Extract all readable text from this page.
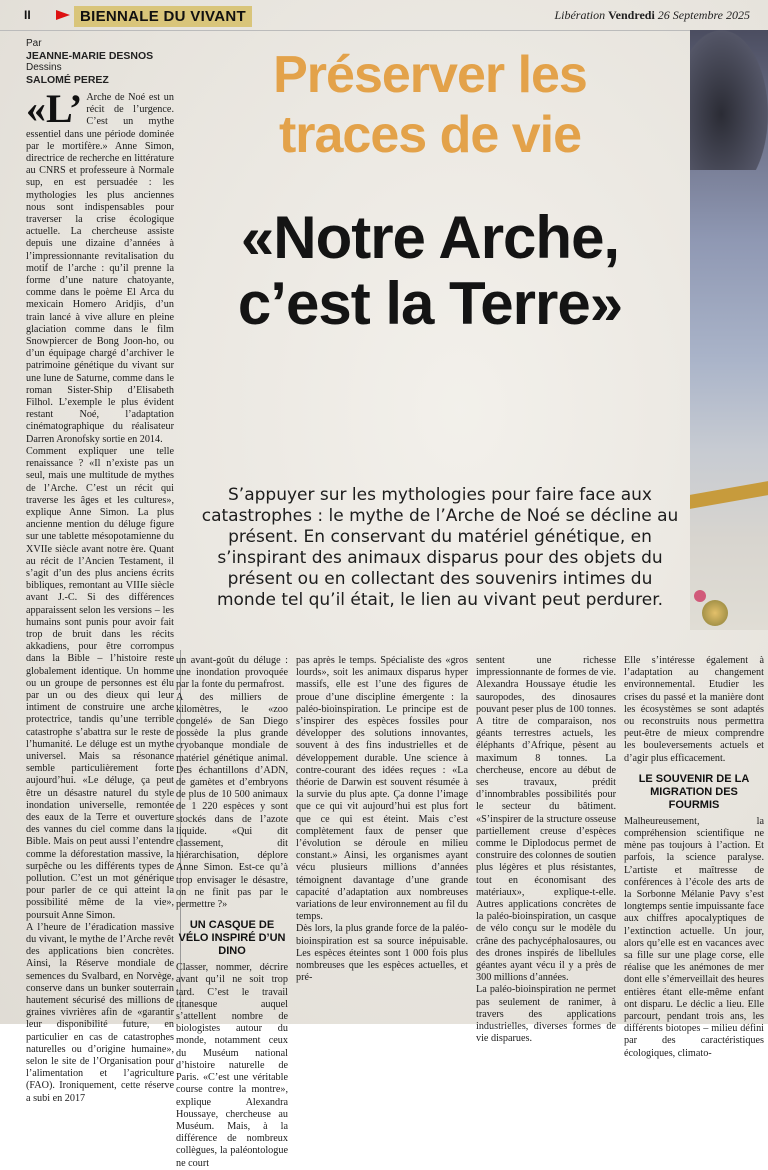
II	BIENNALE DU VIVANT	Libération Vendredi 26 Septembre 2025
Par
JEANNE-MARIE DESNOS
Dessins
SALOMÉ PEREZ	Préserver les traces de vie
«Notre Arche, c’est la Terre»
S’appuyer sur les mythologies pour faire face aux catastrophes : le mythe de l’Arche de Noé se décline au présent. En conservant du matériel génétique, en s’inspirant des animaux disparus pour des objets du présent ou en collectant des souvenirs intimes du monde tel qu’il était, le lien au vivant peut perdurer.
«L’ Arche de Noé est un récit de l’urgence. C’est un mythe essentiel dans une période dominée par le mortifère.» Anne Simon, directrice de recherche en littérature au CNRS et professeure à Normale sup, en est persuadée : les mythologies les plus anciennes nous sont indispensables pour traverser la crise écologique actuelle. La chercheuse assiste depuis une dizaine d’années à l’impressionnante revitalisation du motif de l’arche : qu’il prenne la forme d’une nature chatoyante, comme dans le poème El Arca du mexicain Homero Aridjis, d’un train lancé à vive allure en pleine glaciation comme dans le film Snowpiercer de Bong Joon-ho, ou d’un équipage chargé d’archiver le patrimoine génétique du vivant sur une lune de Saturne, comme dans le roman Sister-Ship d’Elisabeth Filhol. L’exemple le plus évident restant Noé, l’adaptation cinématographique du réalisateur Darren Aronofsky sortie en 2014.

Comment expliquer une telle renaissance ? «Il n’existe pas un seul, mais une multitude de mythes de l’Arche. C’est un récit qui traverse les âges et les cultures», explique Anne Simon. La plus ancienne mention du déluge figure sur une tablette mésopotamienne du XVIIe siècle avant notre ère. Quant au récit de l’Ancien Testament, il s’agit d’un des plus anciens écrits bibliques, remontant au VIIIe siècle avant J.-C. Si des différences apparaissent selon les versions – les humains sont punis pour avoir fait trop de bruit dans les récits akkadiens, pour être corrompus dans la Bible – l’histoire reste globalement identique. Un homme ou un groupe de personnes est élu par un ou des dieux qui leur intiment de construire une arche protectrice, tandis qu’une terrible catastrophe s’abattra sur le reste de l’humanité. Le déluge est un mythe universel. Mais sa résonance semble particulièrement forte aujourd’hui. «Le déluge, ça peut être un désastre naturel du style inondation universelle, remontée des eaux de la Terre et ouverture des vannes du ciel comme dans la Bible. Mais on peut aussi l’entendre comme la déforestation massive, la surpêche ou les différents types de pollution. C’est un mot générique pour parler de ce qui atteint la possibilité même de la vie», poursuit Anne Simon.

A l’heure de l’éradication massive du vivant, le mythe de l’Arche revêt des applications bien concrètes. Ainsi, la Réserve mondiale de semences du Svalbard, en Norvège, conserve dans un bunker souterrain hautement sécurisé des millions de graines vivrières afin de «garantir leur disponibilité future, en particulier en cas de catastrophes naturelles ou d’origine humaine», selon le site de l’Organisation pour l’alimentation et l’agriculture (FAO). Ironiquement, cette réserve a subi en 2017

un avant-goût du déluge : une inondation provoquée par la fonte du permafrost.

A des milliers de kilomètres, le «zoo congelé» de San Diego possède la plus grande cryobanque mondiale de matériel génétique animal. Des échantillons d’ADN, de gamètes et d’embryons de plus de 10 500 animaux de 1 220 espèces y sont stockés dans de l’azote liquide. «Qui dit classement, dit hiérarchisation, déplore Anne Simon. Est-ce qu’à trop envisager le désastre, on ne finit pas par le permettre ?»

UN CASQUE DE VÉLO INSPIRÉ D’UN DINO

Classer, nommer, décrire avant qu’il ne soit trop tard. C’est le travail titanesque auquel s’attellent nombre de biologistes autour du monde, notamment ceux du Muséum national d’histoire naturelle de Paris. «C’est une véritable course contre la montre», explique Alexandra Houssaye, chercheuse au Muséum. Mais, à la différence de nombreux collègues, la paléontologue ne court

pas après le temps. Spécialiste des «gros lourds», soit les animaux disparus hyper massifs, elle est l’une des figures de proue d’une discipline émergente : la paléo-bioinspiration. Le principe est de s’inspirer des espèces fossiles pour développer des solutions innovantes, souvent à des fins industrielles et de développement durable. Une science à contre-courant des idées reçues : «La théorie de Darwin est souvent résumée à la survie du plus apte. Ça donne l’image que ce qui vit aujourd’hui est plus fort que ce qui est éteint. Mais c’est complètement faux de penser que l’évolution se déroule en milieu constant.» Ainsi, les organismes ayant vécu plusieurs millions d’années témoignent davantage d’une grande capacité d’adaptation aux nombreuses variations de leur environnement au fil du temps.

Dès lors, la plus grande force de la paléo-bioinspiration est sa source inépuisable. Les espèces éteintes sont 1 000 fois plus nombreuses que les espèces actuelles, et pré-

sentent une richesse impressionnante de formes de vie. Alexandra Houssaye étudie les sauropodes, des dinosaures pouvant peser plus de 100 tonnes. A titre de comparaison, nos géants terrestres actuels, les éléphants d’Afrique, pèsent au maximum 8 tonnes. La chercheuse, encore au début de ses travaux, prédit d’innombrables possibilités pour le secteur du bâtiment. «S’inspirer de la structure osseuse partiellement creuse d’espèces comme le Diplodocus permet de construire des colonnes de soutien plus légères et plus résistantes, tout en économisant des matériaux», explique-t-elle. Autres applications concrètes de la paléo-bioinspiration, un casque de vélo conçu sur le modèle du crâne des pachycéphalosaures, ou des drones inspirés de libellules géantes ayant vécu il y a près de 300 millions d’années.

La paléo-bioinspiration ne permet pas seulement de ranimer, à travers des applications industrielles, diverses formes de vie disparues.

Elle s’intéresse également à l’adaptation au changement environnemental. Etudier les crises du passé et la manière dont les écosystèmes se sont adaptés ou reconstruits nous permettra peut-être de mieux comprendre les bouleversements actuels et d’agir plus efficacement.

LE SOUVENIR DE LA MIGRATION DES FOURMIS

Malheureusement, la compréhension scientifique ne mène pas toujours à l’action. Et parfois, la science paralyse. L’artiste et maîtresse de conférences à l’école des arts de la Sorbonne Mélanie Pavy s’est longtemps sentie impuissante face aux chiffres apocalyptiques de l’extinction actuelle. Un jour, alors qu’elle est en vacances avec sa fille sur une plage corse, elle réalise que les anémones de mer dont elle s’émerveillait des heures entières étant elle-même enfant ont disparu. Le déclic a lieu. Elle parcourt, pendant trois ans, les différents biotopes – milieu défini par des caractéristiques écologiques, climato-
